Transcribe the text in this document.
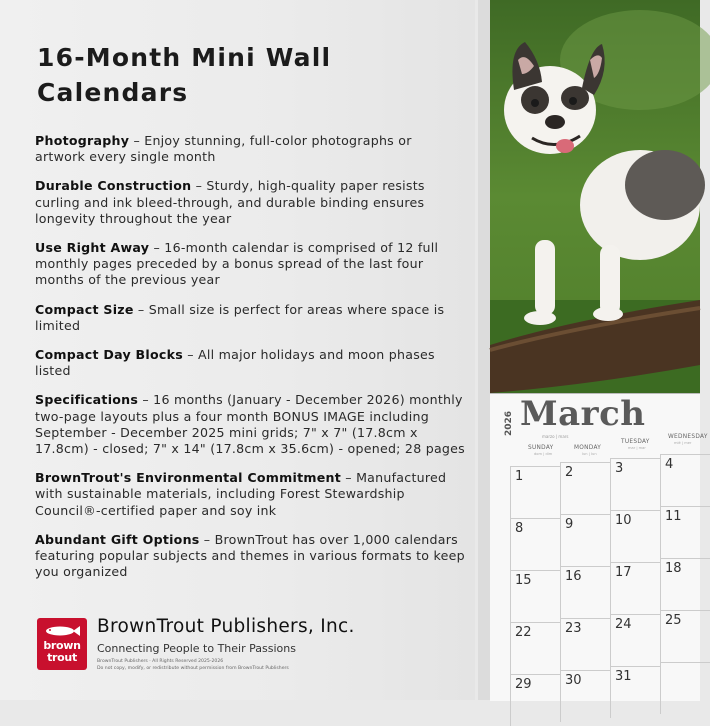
16-Month Mini Wall Calendars

Photography – Enjoy stunning, full-color photographs or artwork every single month

Durable Construction – Sturdy, high-quality paper resists curling and ink bleed-through, and durable binding ensures longevity throughout the year

Use Right Away – 16-month calendar is comprised of 12 full monthly pages preceded by a bonus spread of the last four months of the previous year

Compact Size – Small size is perfect for areas where space is limited

Compact Day Blocks – All major holidays and moon phases listed

Specifications – 16 months (January - December 2026) monthly two-page layouts plus a four month BONUS IMAGE including September - December 2025 mini grids; 7" x 7" (17.8cm x 17.8cm) - closed; 7" x 14" (17.8cm x 35.6cm) - opened; 28 pages

BrownTrout's Environmental Commitment – Manufactured with sustainable materials, including Forest Stewardship Council®-certified paper and soy ink

Abundant Gift Options – BrownTrout has over 1,000 calendars featuring popular subjects and themes in various formats to keep you organized

brown
trout
BrownTrout Publishers, Inc.
Connecting People to Their Passions
BrownTrout Publishers · All Rights Reserved 2025-2026
Do not copy, modify, or redistribute without permission from BrownTrout Publishers
2026 March
marzo | mars
SUNDAY
dom | dim
MONDAY
lun | lun
TUESDAY
mar | mar
WEDNESDAY
mié | mer
1	2	3	4
8	9	10	11
15	16	17	18
22	23	24	25
29	30	31
